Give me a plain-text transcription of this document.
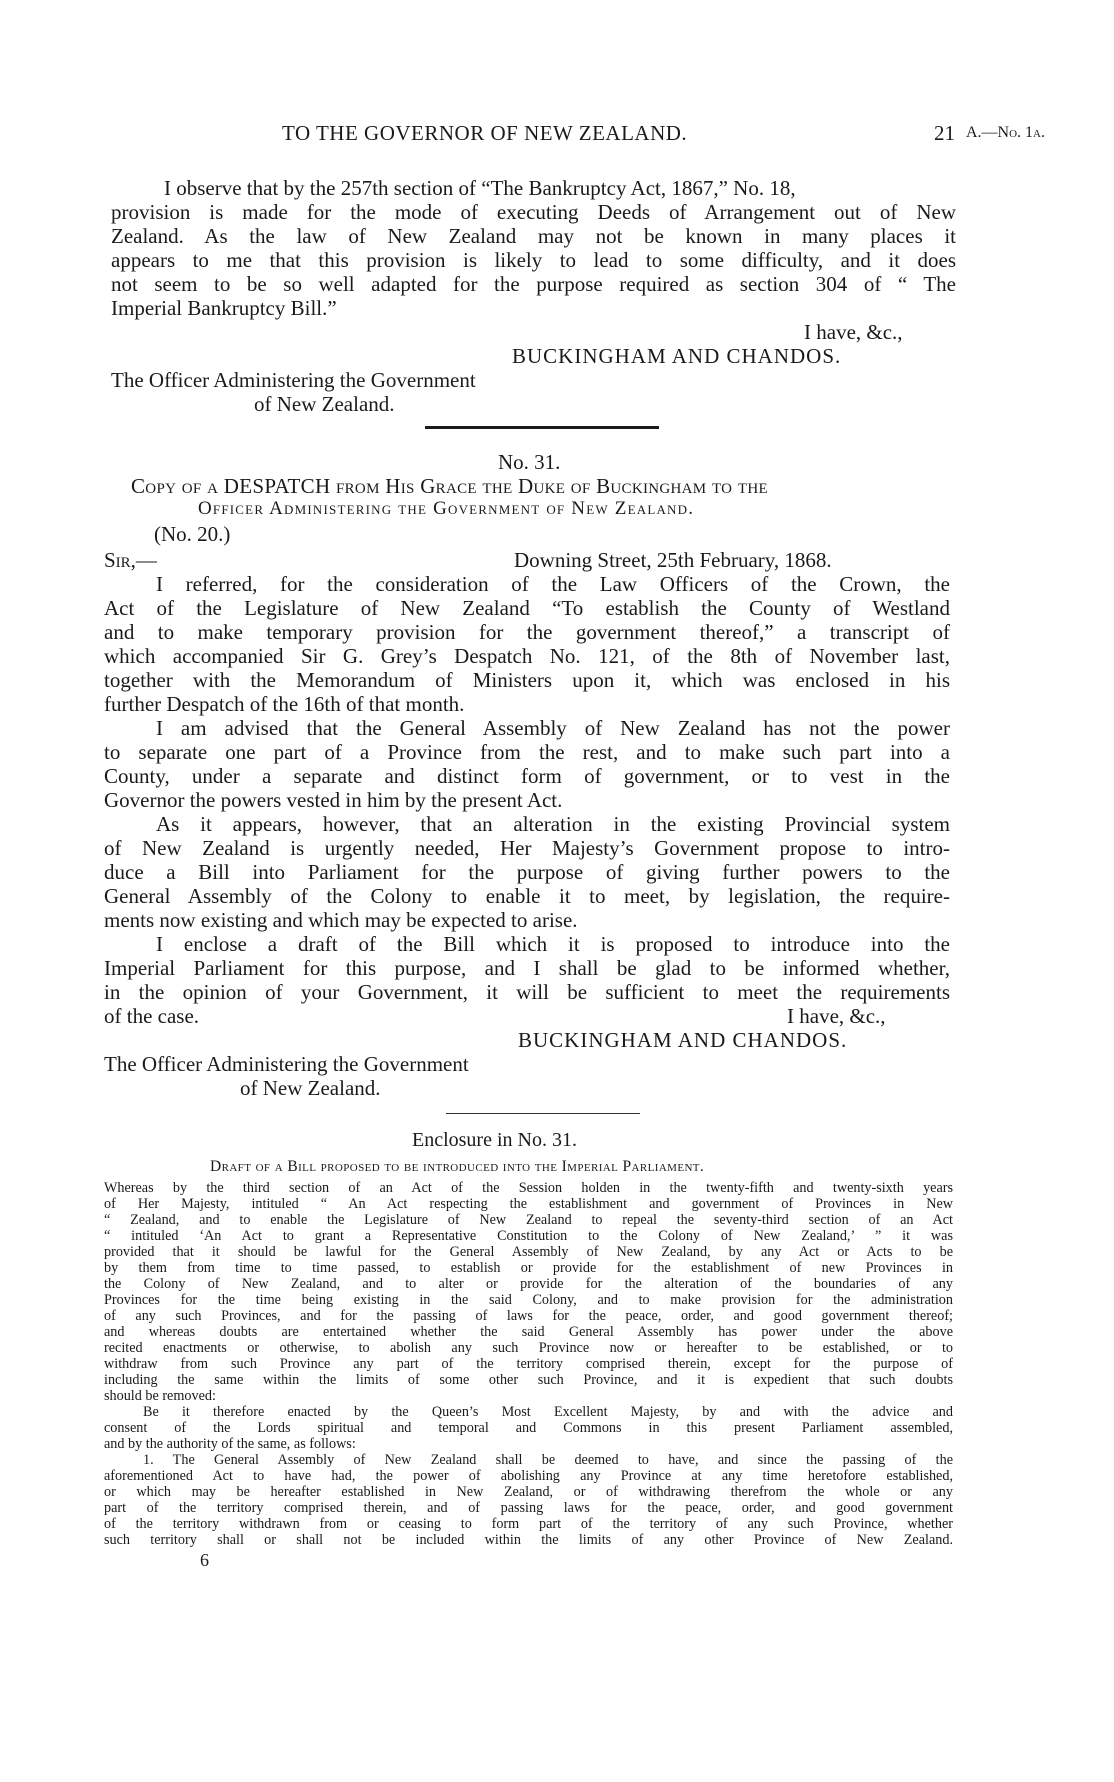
TO THE GOVERNOR OF NEW ZEALAND.	21 A.—No. 1a.
I observe that by the 257th section of “The Bankruptcy Act, 1867,” No. 18,
provision is made for the mode of executing Deeds of Arrangement out of New
Zealand. As the law of New Zealand may not be known in many places it
appears to me that this provision is likely to lead to some difficulty, and it does
not seem to be so well adapted for the purpose required as section 304 of “ The
Imperial Bankruptcy Bill.”
I have, &c.,
BUCKINGHAM AND CHANDOS.
The Officer Administering the Government
of New Zealand.
No. 31.
Copy of a DESPATCH from His Grace the Duke of Buckingham to the
Officer Administering the Government of New Zealand.
(No. 20.)
Sir,—	Downing Street, 25th February, 1868.
I referred, for the consideration of the Law Officers of the Crown, the
Act of the Legislature of New Zealand “To establish the County of Westland
and to make temporary provision for the government thereof,” a transcript of
which accompanied Sir G. Grey’s Despatch No. 121, of the 8th of November last,
together with the Memorandum of Ministers upon it, which was enclosed in his
further Despatch of the 16th of that month.
I am advised that the General Assembly of New Zealand has not the power
to separate one part of a Province from the rest, and to make such part into a
County, under a separate and distinct form of government, or to vest in the
Governor the powers vested in him by the present Act.
As it appears, however, that an alteration in the existing Provincial system
of New Zealand is urgently needed, Her Majesty’s Government propose to intro-
duce a Bill into Parliament for the purpose of giving further powers to the
General Assembly of the Colony to enable it to meet, by legislation, the require-
ments now existing and which may be expected to arise.
I enclose a draft of the Bill which it is proposed to introduce into the
Imperial Parliament for this purpose, and I shall be glad to be informed whether,
in the opinion of your Government, it will be sufficient to meet the requirements
of the case.	I have, &c.,
BUCKINGHAM AND CHANDOS.
The Officer Administering the Government
of New Zealand.
Enclosure in No. 31.
Draft of a Bill proposed to be introduced into the Imperial Parliament.
Whereas by the third section of an Act of the Session holden in the twenty-fifth and twenty-sixth years
of Her Majesty, intituled “ An Act respecting the establishment and government of Provinces in New
“ Zealand, and to enable the Legislature of New Zealand to repeal the seventy-third section of an Act
“ intituled ‘An Act to grant a Representative Constitution to the Colony of New Zealand,’ ” it was
provided that it should be lawful for the General Assembly of New Zealand, by any Act or Acts to be
by them from time to time passed, to establish or provide for the establishment of new Provinces in
the Colony of New Zealand, and to alter or provide for the alteration of the boundaries of any
Provinces for the time being existing in the said Colony, and to make provision for the administration
of any such Provinces, and for the passing of laws for the peace, order, and good government thereof;
and whereas doubts are entertained whether the said General Assembly has power under the above
recited enactments or otherwise, to abolish any such Province now or hereafter to be established, or to
withdraw from such Province any part of the territory comprised therein, except for the purpose of
including the same within the limits of some other such Province, and it is expedient that such doubts
should be removed:
Be it therefore enacted by the Queen’s Most Excellent Majesty, by and with the advice and
consent of the Lords spiritual and temporal and Commons in this present Parliament assembled,
and by the authority of the same, as follows:
1. The General Assembly of New Zealand shall be deemed to have, and since the passing of the
aforementioned Act to have had, the power of abolishing any Province at any time heretofore established,
or which may be hereafter established in New Zealand, or of withdrawing therefrom the whole or any
part of the territory comprised therein, and of passing laws for the peace, order, and good government
of the territory withdrawn from or ceasing to form part of the territory of any such Province, whether
such territory shall or shall not be included within the limits of any other Province of New Zealand.
6
